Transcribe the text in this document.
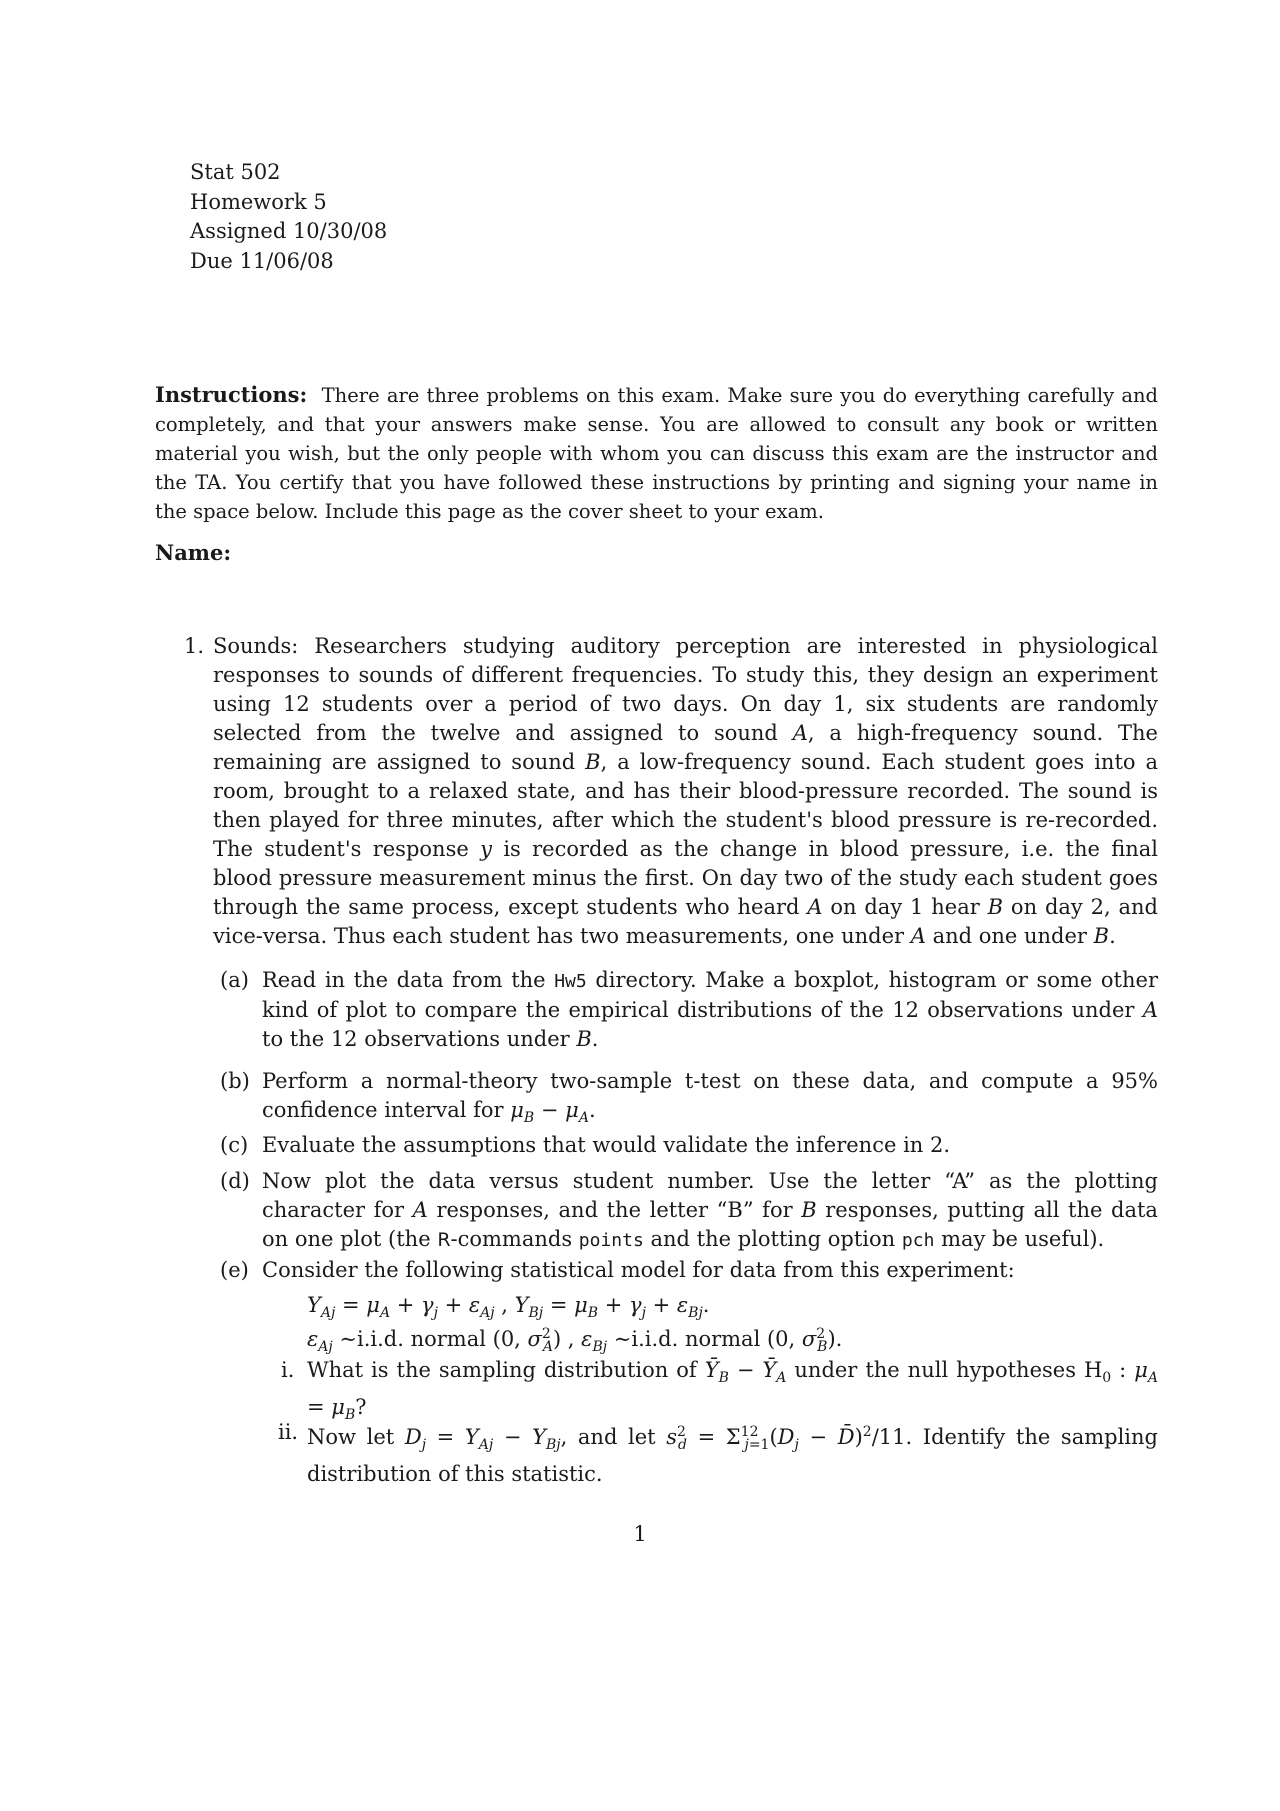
Stat 502
Homework 5
Assigned 10/30/08
Due 11/06/08
Instructions: There are three problems on this exam. Make sure you do everything carefully and completely, and that your answers make sense. You are allowed to consult any book or written material you wish, but the only people with whom you can discuss this exam are the instructor and the TA. You certify that you have followed these instructions by printing and signing your name in the space below. Include this page as the cover sheet to your exam.
Name:
1. Sounds: Researchers studying auditory perception are interested in physiological responses to sounds of different frequencies. To study this, they design an experiment using 12 students over a period of two days. On day 1, six students are randomly selected from the twelve and assigned to sound A, a high-frequency sound. The remaining are assigned to sound B, a low-frequency sound. Each student goes into a room, brought to a relaxed state, and has their blood-pressure recorded. The sound is then played for three minutes, after which the student's blood pressure is re-recorded. The student's response y is recorded as the change in blood pressure, i.e. the final blood pressure measurement minus the first. On day two of the study each student goes through the same process, except students who heard A on day 1 hear B on day 2, and vice-versa. Thus each student has two measurements, one under A and one under B.
(a) Read in the data from the Hw5 directory. Make a boxplot, histogram or some other kind of plot to compare the empirical distributions of the 12 observations under A to the 12 observations under B.
(b) Perform a normal-theory two-sample t-test on these data, and compute a 95% confidence interval for $\mu_B - \mu_A$.
(c) Evaluate the assumptions that would validate the inference in 2.
(d) Now plot the data versus student number. Use the letter “A” as the plotting character for A responses, and the letter “B” for B responses, putting all the data on one plot (the R-commands points and the plotting option pch may be useful).
(e) Consider the following statistical model for data from this experiment:
$Y_{Aj} = \mu_A + \gamma_j + \varepsilon_{Aj}$ , $Y_{Bj} = \mu_B + \gamma_j + \varepsilon_{Bj}$.
$\varepsilon_{Aj}$ ∼i.i.d. normal (0, $\sigma^2_A$) , $\varepsilon_{Bj}$ ∼i.i.d. normal (0, $\sigma^2_B$).
i. What is the sampling distribution of $Ȳ_B$ − $Ȳ_A$ under the null hypotheses $H_0$ : $\mu_A = \mu_B$?
ii. Now let $D_j = Y_{Aj} - Y_{Bj}$, and let $s^2_d = \Sigma^{12}_{j=1}(D_j$ − D̄)$^2$/11. Identify the sampling distribution of this statistic.
1
